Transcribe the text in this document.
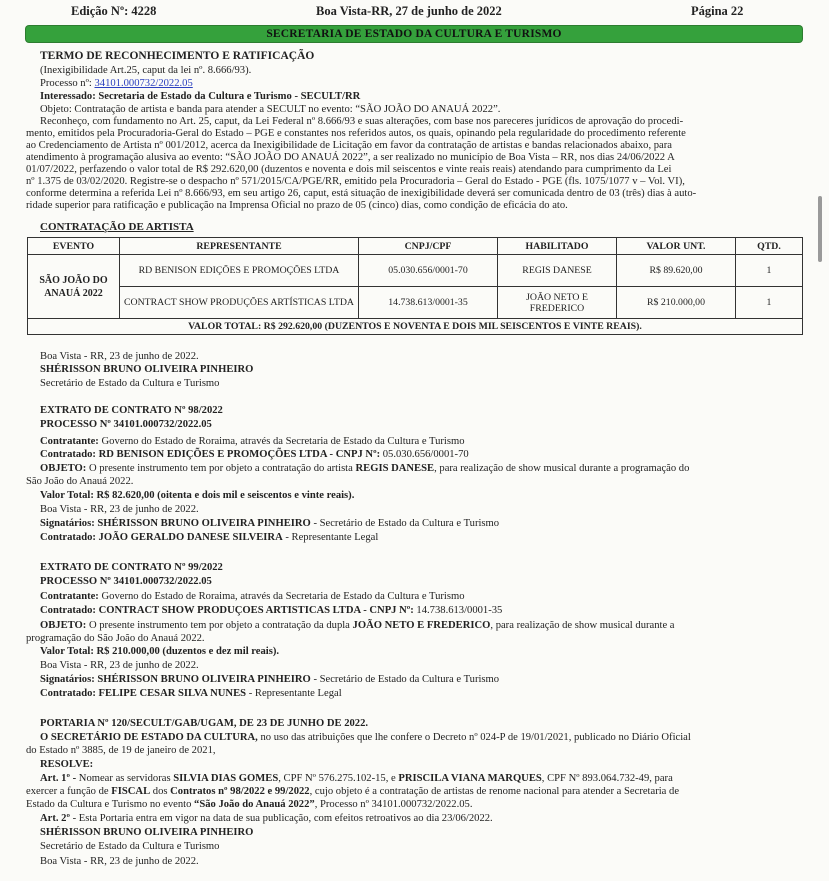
Edição Nº: 4228	Boa Vista-RR, 27 de junho de 2022	Página 22
SECRETARIA DE ESTADO DA CULTURA E TURISMO
TERMO DE RECONHECIMENTO E RATIFICAÇÃO
(Inexigibilidade Art.25, caput da lei nº. 8.666/93).
Processo nº: 34101.000732/2022.05
Interessado: Secretaria de Estado da Cultura e Turismo - SECULT/RR
Objeto: Contratação de artista e banda para atender a SECULT no evento: “SÃO JOÃO DO ANAUÁ 2022”.
Reconheço, com fundamento no Art. 25, caput, da Lei Federal nº 8.666/93 e suas alterações, com base nos pareceres jurídicos de aprovação do procedi-
mento, emitidos pela Procuradoria-Geral do Estado – PGE e constantes nos referidos autos, os quais, opinando pela regularidade do procedimento referente
ao Credenciamento de Artista nº 001/2012, acerca da Inexigibilidade de Licitação em favor da contratação de artistas e bandas relacionados abaixo, para
atendimento à programação alusiva ao evento: “SÃO JOÃO DO ANAUÁ 2022”, a ser realizado no município de Boa Vista – RR, nos dias 24/06/2022 A
01/07/2022, perfazendo o valor total de R$ 292.620,00 (duzentos e noventa e dois mil seiscentos e vinte reais reais) atendando para cumprimento da Lei
nº 1.375 de 03/02/2020. Registre-se o despacho nº 571/2015/CA/PGE/RR, emitido pela Procuradoria – Geral do Estado - PGE (fls. 1075/1077 v – Vol. VI),
conforme determina a referida Lei nº 8.666/93, em seu artigo 26, caput, está situação de inexigibilidade deverá ser comunicada dentro de 03 (três) dias à auto-
ridade superior para ratificação e publicação na Imprensa Oficial no prazo de 05 (cinco) dias, como condição de eficácia do ato.
CONTRATAÇÃO DE ARTISTA
EVENTO	REPRESENTANTE	CNPJ/CPF	HABILITADO	VALOR UNT.	QTD.
SÃO JOÃO DO ANAUÁ 2022	RD BENISON EDIÇÕES E PROMOÇÕES LTDA	05.030.656/0001-70	REGIS DANESE	R$ 89.620,00	1
	CONTRACT SHOW PRODUÇÕES ARTÍSTICAS LTDA	14.738.613/0001-35	JOÃO NETO E FREDERICO	R$ 210.000,00	1
VALOR TOTAL: R$ 292.620,00 (DUZENTOS E NOVENTA E DOIS MIL SEISCENTOS E VINTE REAIS).					
Boa Vista - RR, 23 de junho de 2022.
SHÉRISSON BRUNO OLIVEIRA PINHEIRO
Secretário de Estado da Cultura e Turismo
EXTRATO DE CONTRATO Nº 98/2022
PROCESSO Nº 34101.000732/2022.05
Contratante: Governo do Estado de Roraima, através da Secretaria de Estado da Cultura e Turismo
Contratado: RD BENISON EDIÇÕES E PROMOÇÕES LTDA - CNPJ Nº: 05.030.656/0001-70
OBJETO: O presente instrumento tem por objeto a contratação do artista REGIS DANESE, para realização de show musical durante a programação do
São João do Anauá 2022.
Valor Total: R$ 82.620,00 (oitenta e dois mil e seiscentos e vinte reais).
Boa Vista - RR, 23 de junho de 2022.
Signatários: SHÉRISSON BRUNO OLIVEIRA PINHEIRO - Secretário de Estado da Cultura e Turismo
Contratado: JOÃO GERALDO DANESE SILVEIRA - Representante Legal
EXTRATO DE CONTRATO Nº 99/2022
PROCESSO Nº 34101.000732/2022.05
Contratante: Governo do Estado de Roraima, através da Secretaria de Estado da Cultura e Turismo
Contratado: CONTRACT SHOW PRODUÇOES ARTISTICAS LTDA - CNPJ Nº: 14.738.613/0001-35
OBJETO: O presente instrumento tem por objeto a contratação da dupla JOÃO NETO E FREDERICO, para realização de show musical durante a
programação do São João do Anauá 2022.
Valor Total: R$ 210.000,00 (duzentos e dez mil reais).
Boa Vista - RR, 23 de junho de 2022.
Signatários: SHÉRISSON BRUNO OLIVEIRA PINHEIRO - Secretário de Estado da Cultura e Turismo
Contratado: FELIPE CESAR SILVA NUNES - Representante Legal
PORTARIA Nº 120/SECULT/GAB/UGAM, DE 23 DE JUNHO DE 2022.
O SECRETÁRIO DE ESTADO DA CULTURA, no uso das atribuições que lhe confere o Decreto nº 024-P de 19/01/2021, publicado no Diário Oficial
do Estado nº 3885, de 19 de janeiro de 2021,
RESOLVE:
Art. 1º - Nomear as servidoras SILVIA DIAS GOMES, CPF Nº 576.275.102-15, e PRISCILA VIANA MARQUES, CPF Nº 893.064.732-49, para
exercer a função de FISCAL dos Contratos nº 98/2022 e 99/2022, cujo objeto é a contratação de artistas de renome nacional para atender a Secretaria de
Estado da Cultura e Turismo no evento “São João do Anauá 2022”, Processo nº 34101.000732/2022.05.
Art. 2º - Esta Portaria entra em vigor na data de sua publicação, com efeitos retroativos ao dia 23/06/2022.
SHÉRISSON BRUNO OLIVEIRA PINHEIRO
Secretário de Estado da Cultura e Turismo
Boa Vista - RR, 23 de junho de 2022.
